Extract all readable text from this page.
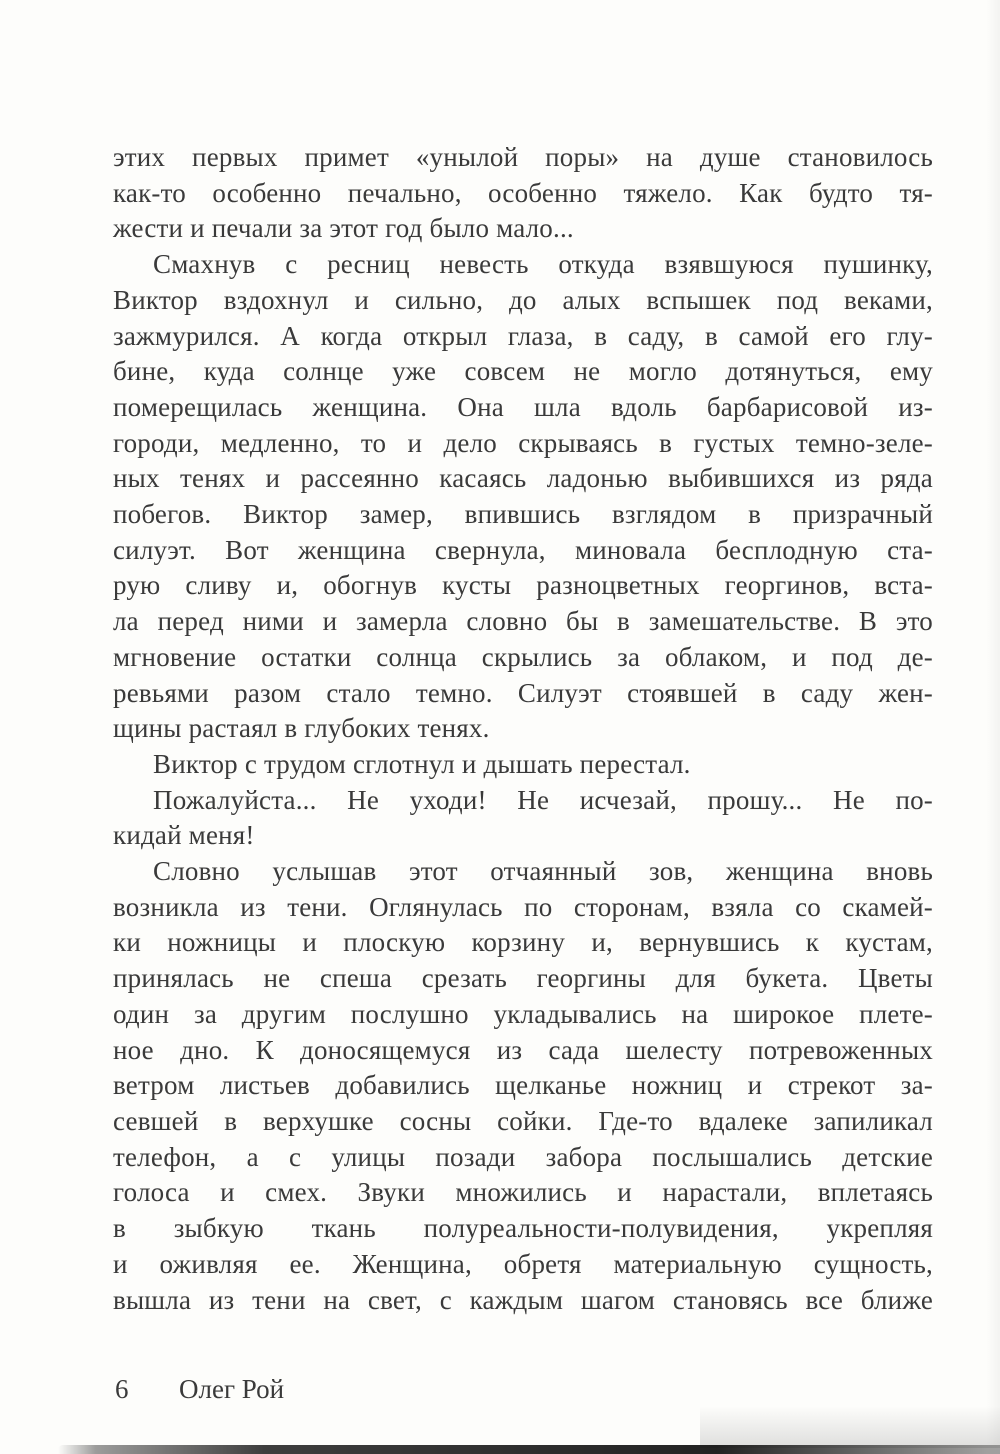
этих первых примет «унылой поры» на душе становилось
как-то особенно печально, особенно тяжело. Как будто тя-
жести и печали за этот год было мало...
Смахнув с ресниц невесть откуда взявшуюся пушинку,
Виктор вздохнул и сильно, до алых вспышек под веками,
зажмурился. А когда открыл глаза, в саду, в самой его глу-
бине, куда солнце уже совсем не могло дотянуться, ему
померещилась женщина. Она шла вдоль барбарисовой из-
городи, медленно, то и дело скрываясь в густых темно-зеле-
ных тенях и рассеянно касаясь ладонью выбившихся из ряда
побегов. Виктор замер, впившись взглядом в призрачный
силуэт. Вот женщина свернула, миновала бесплодную ста-
рую сливу и, обогнув кусты разноцветных георгинов, вста-
ла перед ними и замерла словно бы в замешательстве. В это
мгновение остатки солнца скрылись за облаком, и под де-
ревьями разом стало темно. Силуэт стоявшей в саду жен-
щины растаял в глубоких тенях.
Виктор с трудом сглотнул и дышать перестал.
Пожалуйста... Не уходи! Не исчезай, прошу... Не по-
кидай меня!
Словно услышав этот отчаянный зов, женщина вновь
возникла из тени. Оглянулась по сторонам, взяла со скамей-
ки ножницы и плоскую корзину и, вернувшись к кустам,
принялась не спеша срезать георгины для букета. Цветы
один за другим послушно укладывались на широкое плете-
ное дно. К доносящемуся из сада шелесту потревоженных
ветром листьев добавились щелканье ножниц и стрекот за-
севшей в верхушке сосны сойки. Где-то вдалеке запиликал
телефон, а с улицы позади забора послышались детские
голоса и смех. Звуки множились и нарастали, вплетаясь
в зыбкую ткань полуреальности-полувидения, укрепляя
и оживляя ее. Женщина, обретя материальную сущность,
вышла из тени на свет, с каждым шагом становясь все ближе
6	Олег Рой
